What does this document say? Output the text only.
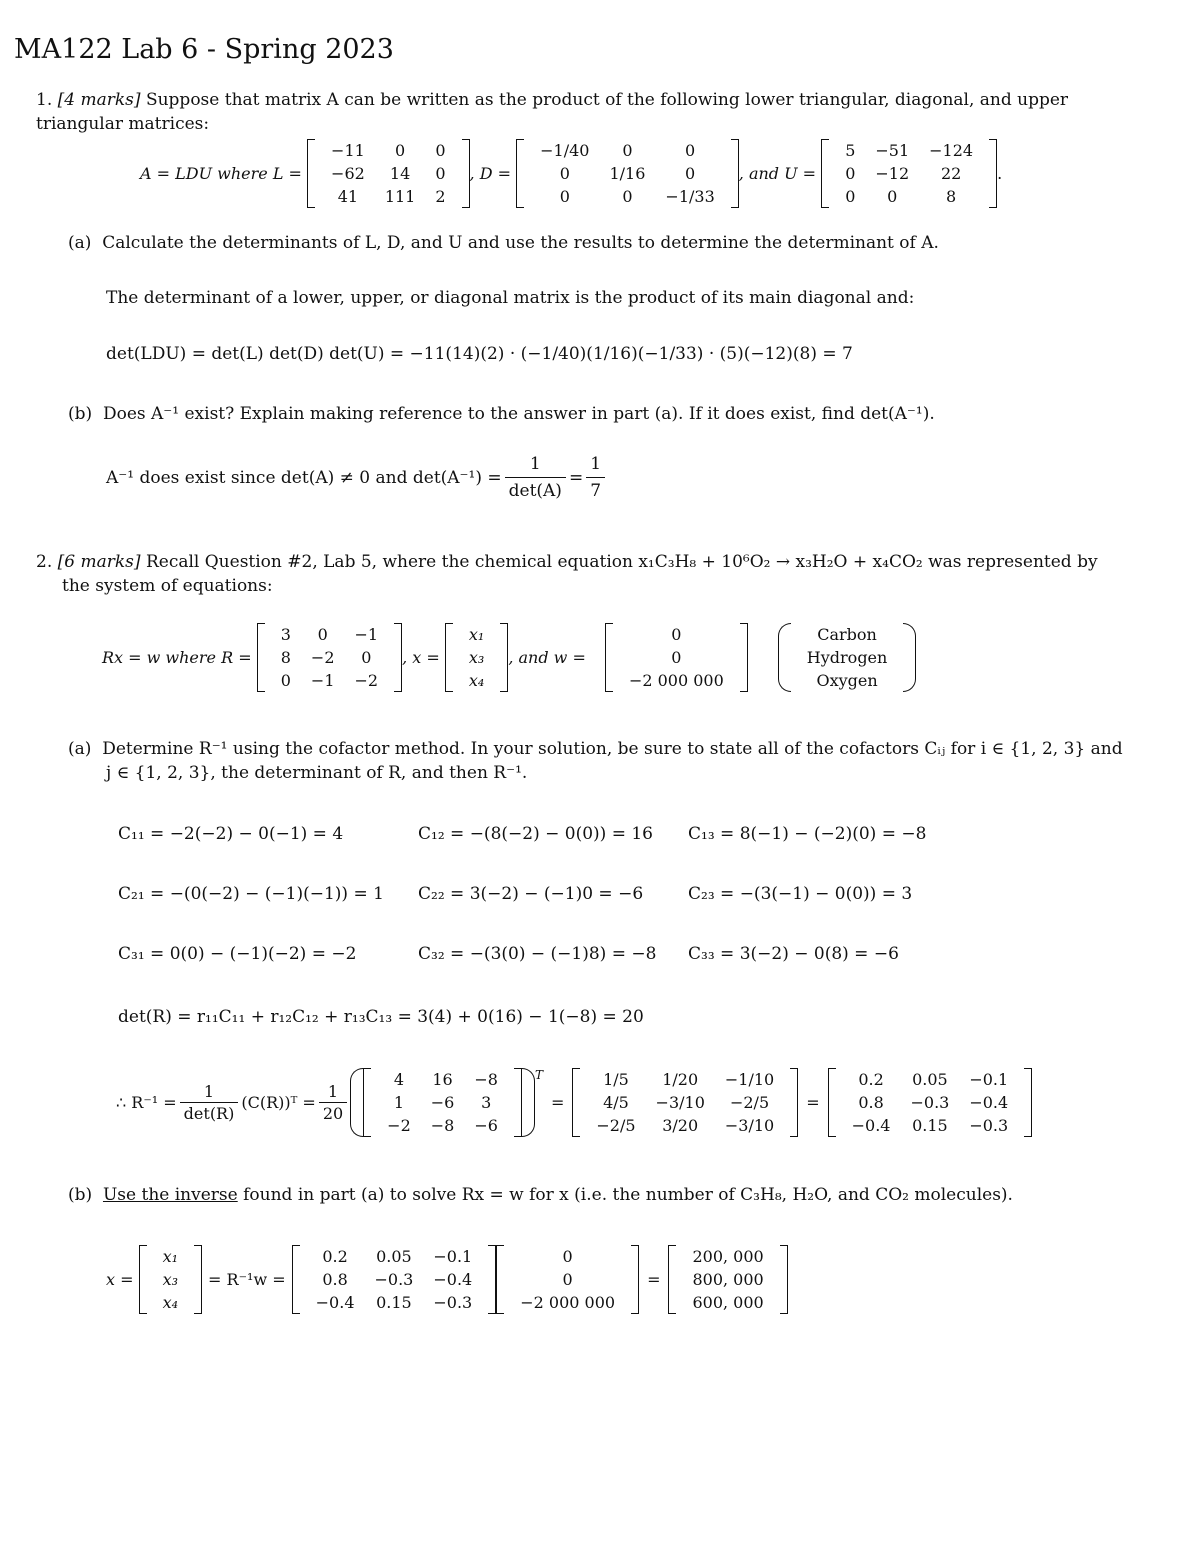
MA122 Lab 6 - Spring 2023
1. [4 marks] Suppose that matrix A can be written as the product of the following lower triangular, diagonal, and upper triangular matrices:
A = LDU where L =

−11	0	0
−62	14	0
41	111	2
, D =

−1/40	0	0
0	1/16	0
0	0	−1/33
, and U =

5	−51	−124
0	−12	22
0	0	8
.
(a) Calculate the determinants of L, D, and U and use the results to determine the determinant of A.
The determinant of a lower, upper, or diagonal matrix is the product of its main diagonal and:
det(LDU) = det(L) det(D) det(U) = −11(14)(2) · (−1/40)(1/16)(−1/33) · (5)(−12)(8) = 7
(b) Does A⁻¹ exist? Explain making reference to the answer in part (a). If it does exist, find det(A⁻¹).
A⁻¹ does exist since det(A) ≠ 0 and $\det(A^{-1}) = \frac{1}{\det(A)} = \frac{1}{7}$
2. [6 marks] Recall Question #2, Lab 5, where the chemical equation x₁C₃H₈ + 10⁶O₂ → x₃H₂O + x₄CO₂ was represented by
the system of equations:
Rx = w where R =

3	0	−1
8	−2	0
0	−1	−2
, x =

x₁
x₃
x₄
, and w =

0
0
−2 000 000
Carbon
Hydrogen
Oxygen
(a) Determine R⁻¹ using the cofactor method. In your solution, be sure to state all of the cofactors Cᵢⱼ for i ∈ {1, 2, 3} and
j ∈ {1, 2, 3}, the determinant of R, and then R⁻¹.
C₁₁ = −2(−2) − 0(−1) = 4	C₁₂ = −(8(−2) − 0(0)) = 16 C₁₃ = 8(−1) − (−2)(0) = −8
C₂₁ = −(0(−2) − (−1)(−1)) = 1 C₂₂ = 3(−2) − (−1)0 = −6	C₂₃ = −(3(−1) − 0(0)) = 3
C₃₁ = 0(0) − (−1)(−2) = −2	C₃₂ = −(3(0) − (−1)8) = −8 C₃₃ = 3(−2) − 0(8) = −6
det(R) = r₁₁C₁₁ + r₁₂C₁₂ + r₁₃C₁₃ = 3(4) + 0(16) − 1(−8) = 20
∴ $R^{-1} = \frac{1}{\det(R)}$ (C(R))ᵀ = $\frac{1}{20}$
4	16	−8
1	−6	3
−2	−8	−6
T
=
1/5	1/20	−1/10
4/5	−3/10	−2/5
−2/5	3/20	−3/10
=
0.2	0.05	−0.1
0.8	−0.3	−0.4
−0.4	0.15	−0.3
(b) Use the inverse found in part (a) to solve Rx = w for x (i.e. the number of C₃H₈, H₂O, and CO₂ molecules).
x =

x₁
x₃
x₄
= R⁻¹w =
0.2	0.05	−0.1
0.8	−0.3	−0.4
−0.4	0.15	−0.3
0
0
−2 000 000
=
200, 000
800, 000
600, 000
